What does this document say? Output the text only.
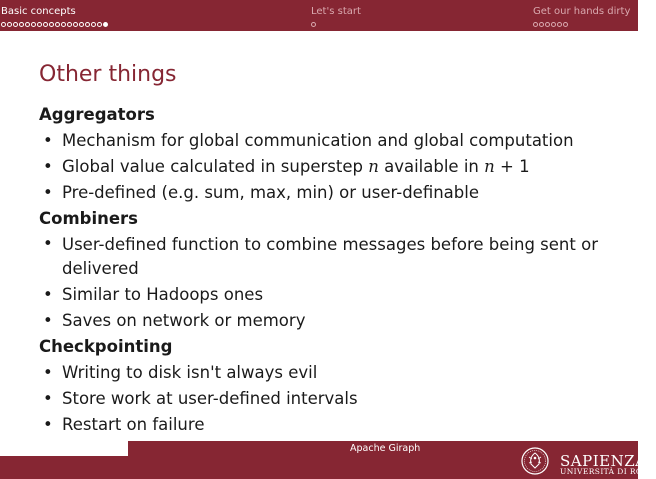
Basic concepts	Let's start	Get our hands dirty
Other things
Aggregators
• Mechanism for global communication and global computation
• Global value calculated in superstep n available in n + 1
• Pre-defined (e.g. sum, max, min) or user-definable
Combiners
• User-defined function to combine messages before being sent or delivered
• Similar to Hadoops ones
• Saves on network or memory
Checkpointing
• Writing to disk isn't always evil
• Store work at user-defined intervals
• Restart on failure
Apache Giraph
SAPIENZA
UNIVERSITÀ DI ROMA
